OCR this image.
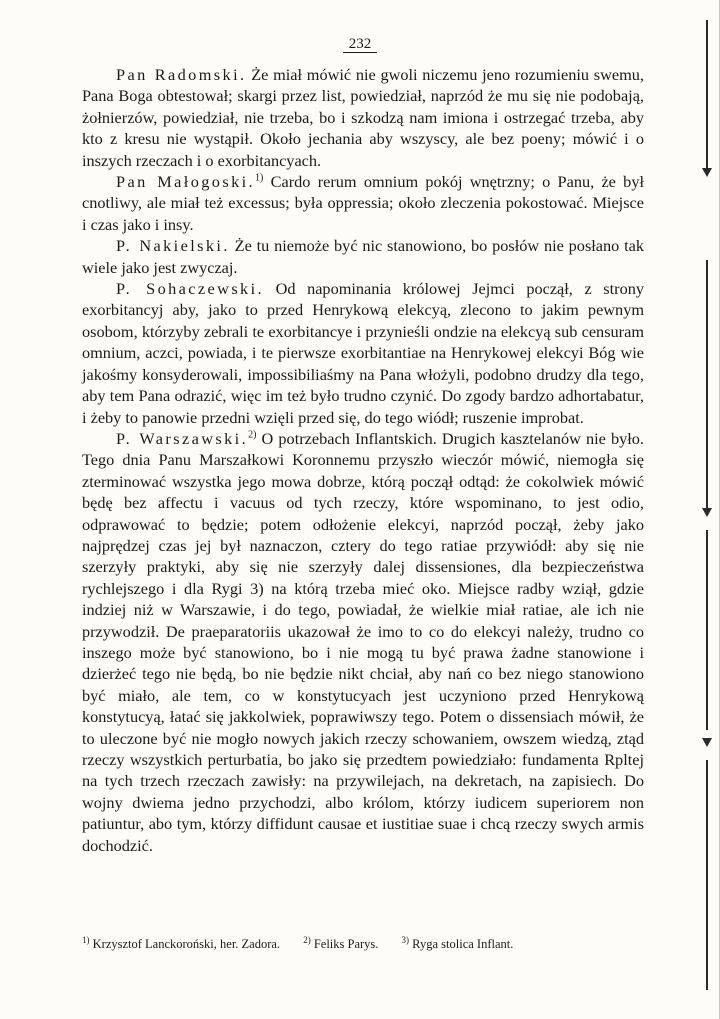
232

Pan Radomski. Że miał mówić nie gwoli niczemu jeno rozumieniu swemu, Pana Boga obtestował; skargi przez list, powiedział, naprzód że mu się nie podobają, żołnierzów, powiedział, nie trzeba, bo i szkodzą nam imiona i ostrzegać trzeba, aby kto z kresu nie wystąpił. Około jechania aby wszyscy, ale bez poeny; mówić i o inszych rzeczach i o exorbitancyach.

Pan Małogoski.$^{1)}$ Cardo rerum omnium pokój wnętrzny; o Panu, że był cnotliwy, ale miał też excessus; była oppressia; około zleczenia pokostować. Miejsce i czas jako i insy.

P. Nakielski. Że tu niemoże być nic stanowiono, bo posłów nie posłano tak wiele jako jest zwyczaj.

P. Sohaczewski. Od napominania królowej Jejmci począł, z strony exorbitancyj aby, jako to przed Henrykową elekcyą, zlecono to jakim pewnym osobom, którzyby zebrali te exorbitancye i przynieśli ondzie na elekcyą sub censuram omnium, aczci, powiada, i te pierwsze exorbitantiae na Henrykowej elekcyi Bóg wie jakośmy konsyderowali, impossibiliaśmy na Pana włożyli, podobno drudzy dla tego, aby tem Pana odrazić, więc im też było trudno czynić. Do zgody bardzo adhortabatur, i żeby to panowie przedni wzięli przed się, do tego wiódł; ruszenie improbat.

P. Warszawski.$^{2)}$ O potrzebach Inflantskich. Drugich kasztelanów nie było. Tego dnia Panu Marszałkowi Koronnemu przyszło wieczór mówić, niemogła się zterminować wszystka jego mowa dobrze, którą począł odtąd: że cokolwiek mówić będę bez affectu i vacuus od tych rzeczy, które wspominano, to jest odio, odprawować to będzie; potem odłożenie elekcyi, naprzód począł, żeby jako najprędzej czas jej był naznaczon, cztery do tego ratiae przywiódł: aby się nie szerzyły praktyki, aby się nie szerzyły dalej dissensiones, dla bezpieczeństwa rychlejszego i dla Rygi 3) na którą trzeba mieć oko. Miejsce radby wziął, gdzie indziej niż w Warszawie, i do tego, powiadał, że wielkie miał ratiae, ale ich nie przywodził. De praeparatoriis ukazował że imo to co do elekcyi należy, trudno co inszego może być stanowiono, bo i nie mogą tu być prawa żadne stanowione i dzierżeć tego nie będą, bo nie będzie nikt chciał, aby nań co bez niego stanowiono być miało, ale tem, co w konstytucyach jest uczyniono przed Henrykową konstytucyą, łatać się jakkolwiek, poprawiwszy tego. Potem o dissensiach mówił, że to uleczone być nie mogło nowych jakich rzeczy schowaniem, owszem wiedzą, ztąd rzeczy wszystkich perturbatia, bo jako się przedtem powiedziało: fundamenta Rpltej na tych trzech rzeczach zawisły: na przywilejach, na dekretach, na zapisiech. Do wojny dwiema jedno przychodzi, albo królom, którzy iudicem superiorem non patiuntur, abo tym, którzy diffidunt causae et iustitiae suae i chcą rzeczy swych armis dochodzić.

$^{1)}$ Krzysztof Lanckoroński, her. Zadora.	$^{2)}$ Feliks Parys.	$^{3)}$ Ryga stolica Inflant.
